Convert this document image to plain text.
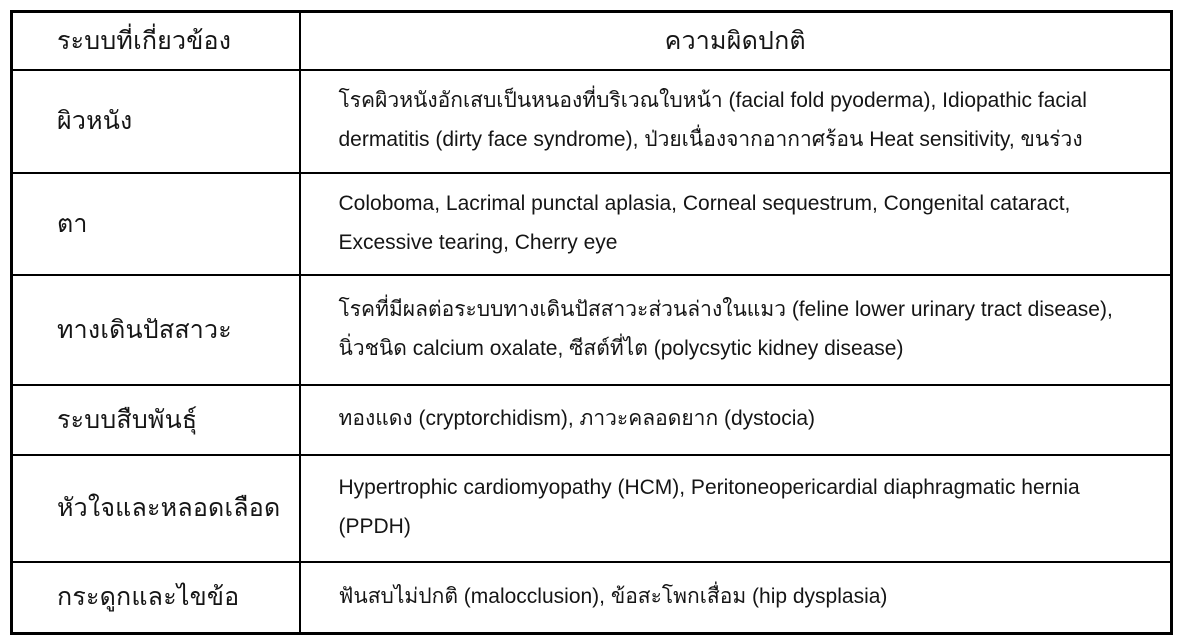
ระบบที่เกี่ยวข้อง	ความผิดปกติ
ผิวหนัง	โรคผิวหนังอักเสบเป็นหนองที่บริเวณใบหน้า (facial fold pyoderma), Idiopathic facial dermatitis (dirty face syndrome), ป่วยเนื่องจากอากาศร้อน Heat sensitivity, ขนร่วง
ตา	Coloboma, Lacrimal punctal aplasia, Corneal sequestrum, Congenital cataract, Excessive tearing, Cherry eye
ทางเดินปัสสาวะ	โรคที่มีผลต่อระบบทางเดินปัสสาวะส่วนล่างในแมว (feline lower urinary tract disease), นิ่วชนิด calcium oxalate, ซีสต์ที่ไต (polycsytic kidney disease)
ระบบสืบพันธุ์	ทองแดง (cryptorchidism), ภาวะคลอดยาก (dystocia)
หัวใจและหลอดเลือด	Hypertrophic cardiomyopathy (HCM), Peritoneopericardial diaphragmatic hernia (PPDH)
กระดูกและไขข้อ	ฟันสบไม่ปกติ (malocclusion), ข้อสะโพกเสื่อม (hip dysplasia)
